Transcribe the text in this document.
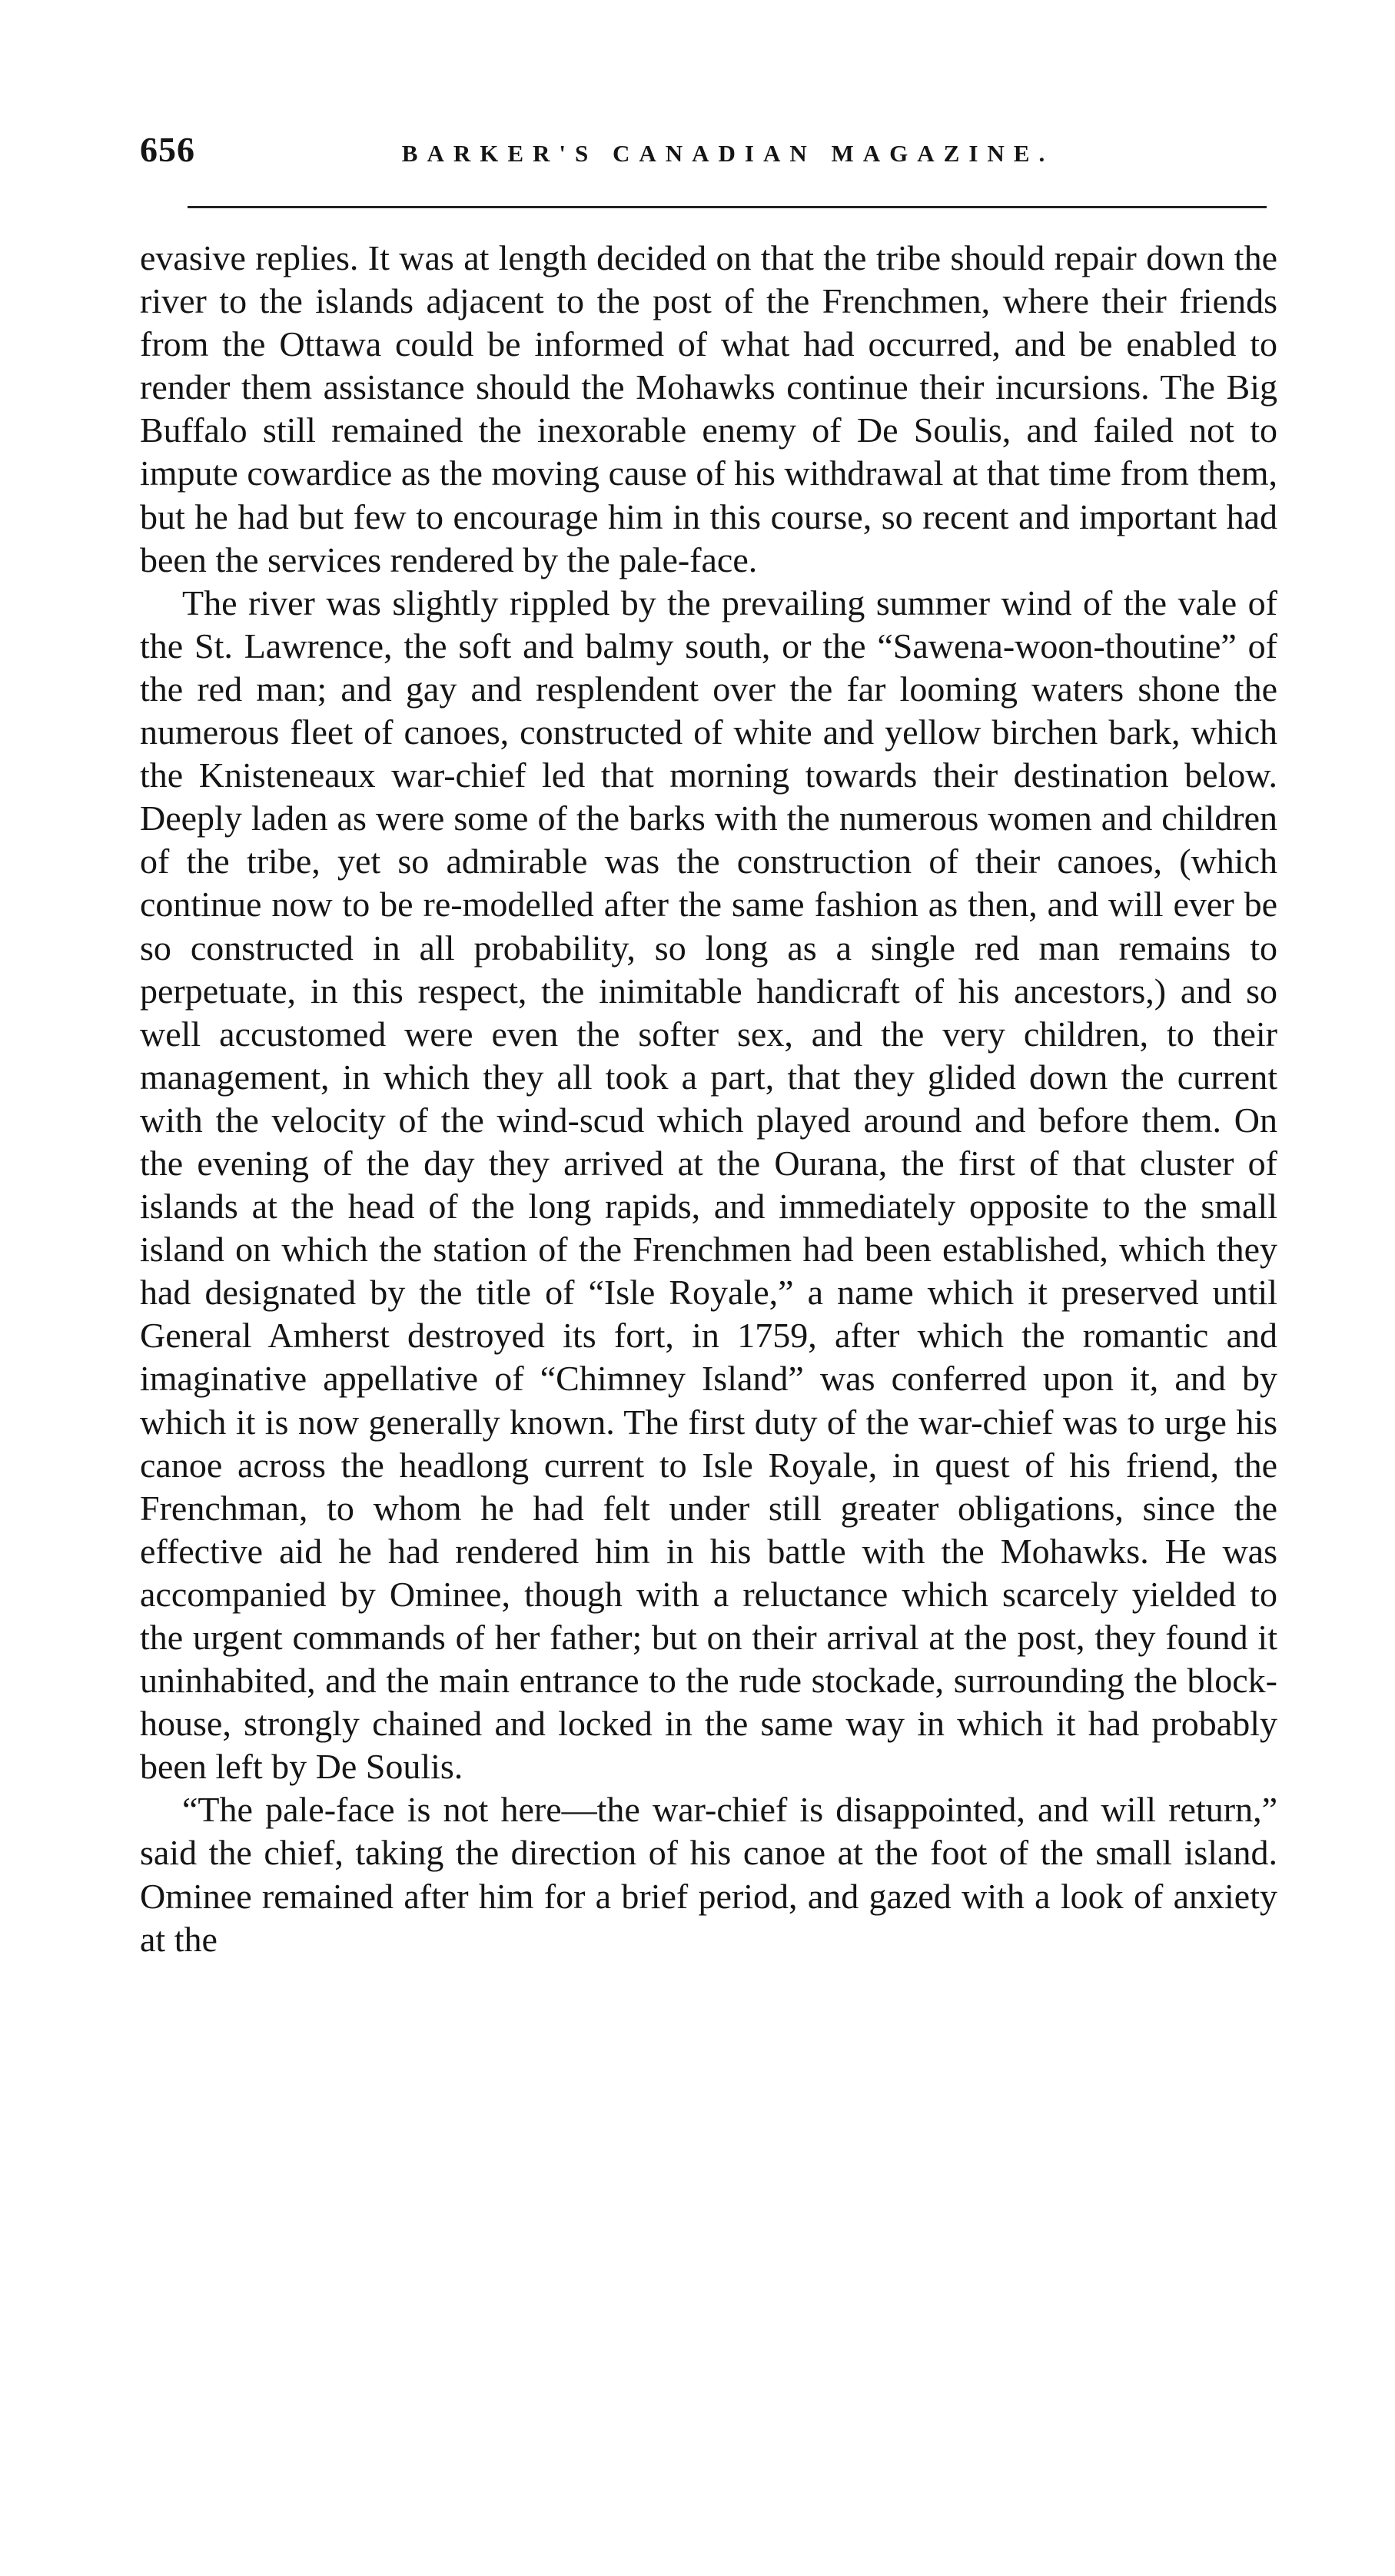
656	BARKER'S CANADIAN MAGAZINE.

evasive replies. It was at length decided on that the tribe should repair down the river to the islands adjacent to the post of the Frenchmen, where their friends from the Ottawa could be informed of what had occurred, and be enabled to render them assistance should the Mohawks continue their incursions. The Big Buffalo still remained the inexorable enemy of De Soulis, and failed not to impute cowardice as the moving cause of his withdrawal at that time from them, but he had but few to encourage him in this course, so recent and important had been the services rendered by the pale-face.

The river was slightly rippled by the prevailing summer wind of the vale of the St. Lawrence, the soft and balmy south, or the “Sawena-woon-thoutine” of the red man; and gay and resplendent over the far looming waters shone the numerous fleet of canoes, constructed of white and yellow birchen bark, which the Knisteneaux war-chief led that morning towards their destination below. Deeply laden as were some of the barks with the numerous women and children of the tribe, yet so admirable was the construction of their canoes, (which continue now to be re-modelled after the same fashion as then, and will ever be so constructed in all probability, so long as a single red man remains to perpetuate, in this respect, the inimitable handicraft of his ancestors,) and so well accustomed were even the softer sex, and the very children, to their management, in which they all took a part, that they glided down the current with the velocity of the wind-scud which played around and before them. On the evening of the day they arrived at the Ourana, the first of that cluster of islands at the head of the long rapids, and immediately opposite to the small island on which the station of the Frenchmen had been established, which they had designated by the title of “Isle Royale,” a name which it preserved until General Amherst destroyed its fort, in 1759, after which the romantic and imaginative appellative of “Chimney Island” was conferred upon it, and by which it is now generally known. The first duty of the war-chief was to urge his canoe across the headlong current to Isle Royale, in quest of his friend, the Frenchman, to whom he had felt under still greater obligations, since the effective aid he had rendered him in his battle with the Mohawks. He was accompanied by Ominee, though with a reluctance which scarcely yielded to the urgent commands of her father; but on their arrival at the post, they found it uninhabited, and the main entrance to the rude stockade, surrounding the block-house, strongly chained and locked in the same way in which it had probably been left by De Soulis.

“The pale-face is not here—the war-chief is disappointed, and will return,” said the chief, taking the direction of his canoe at the foot of the small island. Ominee remained after him for a brief period, and gazed with a look of anxiety at the
